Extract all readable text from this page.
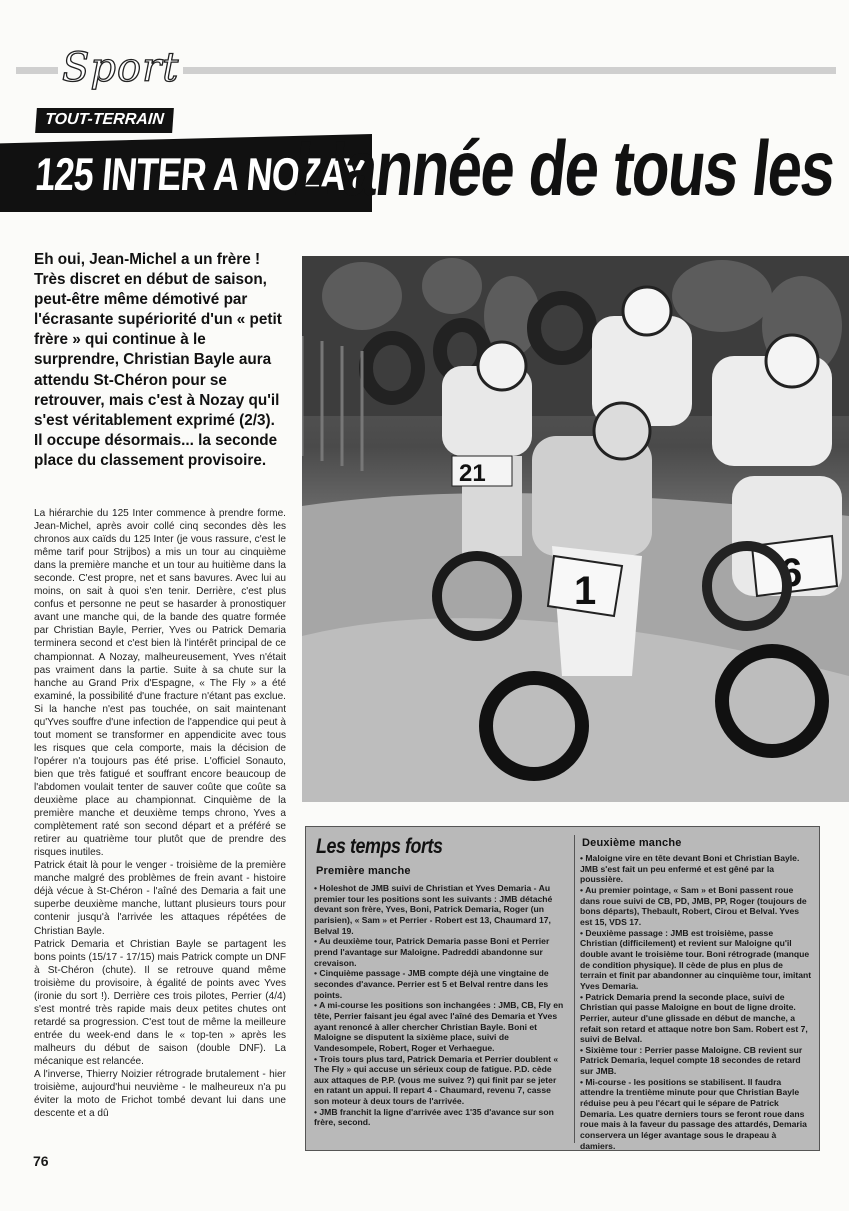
Sport
TOUT-TERRAIN
125 INTER A NOZAY
L'année de tous les

Eh oui, Jean-Michel a un frère ! Très discret en début de saison, peut-être même démotivé par l'écrasante supériorité d'un « petit frère » qui continue à le surprendre, Christian Bayle aura attendu St-Chéron pour se retrouver, mais c'est à Nozay qu'il s'est véritablement exprimé (2/3). Il occupe désormais... la seconde place du classement provisoire.

La hiérarchie du 125 Inter commence à prendre forme. Jean-Michel, après avoir collé cinq secondes dès les chronos aux caïds du 125 Inter (je vous rassure, c'est le même tarif pour Strijbos) a mis un tour au cinquième dans la première manche et un tour au huitième dans la seconde. C'est propre, net et sans bavures. Avec lui au moins, on sait à quoi s'en tenir. Derrière, c'est plus confus et personne ne peut se hasarder à pronostiquer avant une manche qui, de la bande des quatre formée par Christian Bayle, Perrier, Yves ou Patrick Demaria terminera second et c'est bien là l'intérêt principal de ce championnat. A Nozay, malheureusement, Yves n'était pas vraiment dans la partie. Suite à sa chute sur la hanche au Grand Prix d'Espagne, « The Fly » a été examiné, la possibilité d'une fracture n'étant pas exclue. Si la hanche n'est pas touchée, on sait maintenant qu'Yves souffre d'une infection de l'appendice qui peut à tout moment se transformer en appendicite avec tous les risques que cela comporte, mais la décision de l'opérer n'a toujours pas été prise. L'officiel Sonauto, bien que très fatigué et souffrant encore beaucoup de l'abdomen voulait tenter de sauver coûte que coûte sa deuxième place au championnat. Cinquième de la première manche et deuxième temps chrono, Yves a complètement raté son second départ et a préféré se retirer au quatrième tour plutôt que de prendre des risques inutiles.

Patrick était là pour le venger - troisième de la première manche malgré des problèmes de frein avant - histoire déjà vécue à St-Chéron - l'aîné des Demaria a fait une superbe deuxième manche, luttant plusieurs tours pour contenir jusqu'à l'arrivée les attaques répétées de Christian Bayle.

Patrick Demaria et Christian Bayle se partagent les bons points (15/17 - 17/15) mais Patrick compte un DNF à St-Chéron (chute). Il se retrouve quand même troisième du provisoire, à égalité de points avec Yves (ironie du sort !). Derrière ces trois pilotes, Perrier (4/4) s'est montré très rapide mais deux petites chutes ont retardé sa progression. C'est tout de même la meilleure entrée du week-end dans le « top-ten » après les malheurs du début de saison (double DNF). La mécanique est relancée.

A l'inverse, Thierry Noizier rétrograde brutalement - hier troisième, aujourd'hui neuvième - le malheureux n'a pu éviter la moto de Frichot tombé devant lui dans une descente et a dû

76
21
1	6
Les temps forts
Première manche

• Holeshot de JMB suivi de Christian et Yves Demaria - Au premier tour les positions sont les suivants : JMB détaché devant son frère, Yves, Boni, Patrick Demaria, Roger (un parisien), « Sam » et Perrier - Robert est 13, Chaumard 17, Belval 19.

• Au deuxième tour, Patrick Demaria passe Boni et Perrier prend l'avantage sur Maloigne. Padreddi abandonne sur crevaison.

• Cinquième passage - JMB compte déjà une vingtaine de secondes d'avance. Perrier est 5 et Belval rentre dans les points.

• A mi-course les positions son inchangées : JMB, CB, Fly en tête, Perrier faisant jeu égal avec l'aîné des Demaria et Yves ayant renoncé à aller chercher Christian Bayle. Boni et Maloigne se disputent la sixième place, suivi de Vandesompele, Robert, Roger et Verhaegue.

• Trois tours plus tard, Patrick Demaria et Perrier doublent « The Fly » qui accuse un sérieux coup de fatigue. P.D. cède aux attaques de P.P. (vous me suivez ?) qui finit par se jeter en ratant un appui. Il repart 4 - Chaumard, revenu 7, casse son moteur à deux tours de l'arrivée.

• JMB franchit la ligne d'arrivée avec 1'35 d'avance sur son frère, second.

Deuxième manche

• Maloigne vire en tête devant Boni et Christian Bayle. JMB s'est fait un peu enfermé et est gêné par la poussière.

• Au premier pointage, « Sam » et Boni passent roue dans roue suivi de CB, PD, JMB, PP, Roger (toujours de bons départs), Thebault, Robert, Cirou et Belval. Yves est 15, VDS 17.

• Deuxième passage : JMB est troisième, passe Christian (difficilement) et revient sur Maloigne qu'il double avant le troisième tour. Boni rétrograde (manque de condition physique). Il cède de plus en plus de terrain et finit par abandonner au cinquième tour, imitant Yves Demaria.

• Patrick Demaria prend la seconde place, suivi de Christian qui passe Maloigne en bout de ligne droite. Perrier, auteur d'une glissade en début de manche, a refait son retard et attaque notre bon Sam. Robert est 7, suivi de Belval.

• Sixième tour : Perrier passe Maloigne. CB revient sur Patrick Demaria, lequel compte 18 secondes de retard sur JMB.

• Mi-course - les positions se stabilisent. Il faudra attendre la trentième minute pour que Christian Bayle réduise peu à peu l'écart qui le sépare de Patrick Demaria. Les quatre derniers tours se feront roue dans roue mais à la faveur du passage des attardés, Demaria conservera un léger avantage sous le drapeau à damiers.
